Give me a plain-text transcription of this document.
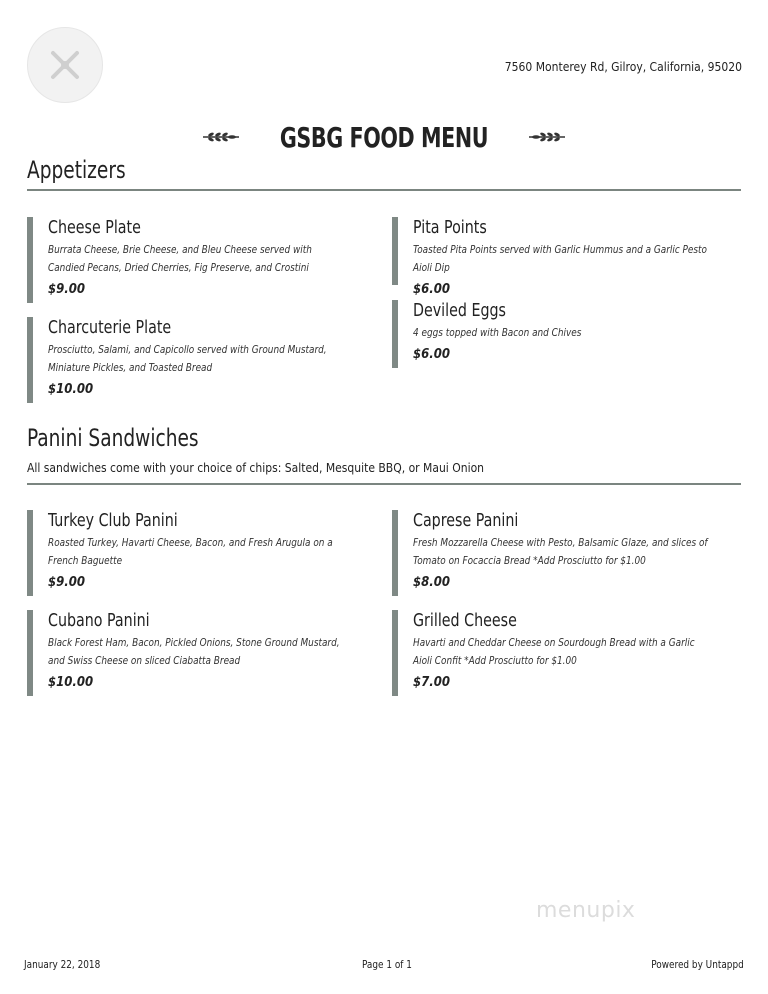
7560 Monterey Rd, Gilroy, California, 95020
GSBG FOOD MENU
Appetizers
Cheese Plate
Burrata Cheese, Brie Cheese, and Bleu Cheese served with Candied Pecans, Dried Cherries, Fig Preserve, and Crostini
$9.00
Charcuterie Plate
Prosciutto, Salami, and Capicollo served with Ground Mustard, Miniature Pickles, and Toasted Bread
$10.00
Pita Points
Toasted Pita Points served with Garlic Hummus and a Garlic Pesto Aioli Dip
$6.00
Deviled Eggs
4 eggs topped with Bacon and Chives
$6.00
Panini Sandwiches
All sandwiches come with your choice of chips: Salted, Mesquite BBQ, or Maui Onion
Turkey Club Panini
Roasted Turkey, Havarti Cheese, Bacon, and Fresh Arugula on a French Baguette
$9.00
Cubano Panini
Black Forest Ham, Bacon, Pickled Onions, Stone Ground Mustard, and Swiss Cheese on sliced Ciabatta Bread
$10.00
Caprese Panini
Fresh Mozzarella Cheese with Pesto, Balsamic Glaze, and slices of Tomato on Focaccia Bread *Add Prosciutto for $1.00
$8.00
Grilled Cheese
Havarti and Cheddar Cheese on Sourdough Bread with a Garlic Aioli Confit *Add Prosciutto for $1.00
$7.00
menupix
January 22, 2018	Page 1 of 1	Powered by Untappd
